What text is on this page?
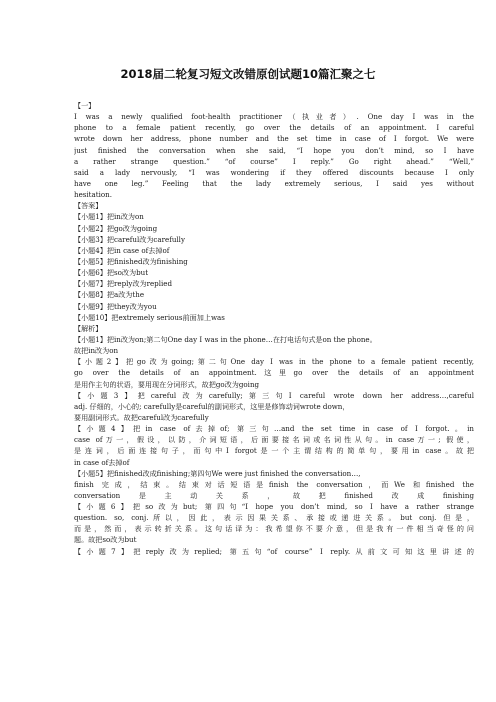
2018届二轮复习短文改错原创试题10篇汇聚之七
【一】
I was a newly qualified foot-health practitioner（执业者）. One day I was in the
phone to a female patient recently, go over the details of an appointment. I careful
wrote down her address, phone number and the set time in case of I forgot. We were
just finished the conversation when she said, “I hope you don’t mind, so I have
a rather strange question.” “of course” I reply.” Go right ahead.” “Well,”
said a lady nervously, “I was wondering if they offered discounts because I only
have one leg.” Feeling that the lady extremely serious, I said yes without
hesitation.
【答案】
【小题1】把in改为on
【小题2】把go改为going
【小题3】把careful改为carefully
【小题4】把in case of去掉of
【小题5】把finished改为finishing
【小题6】把so改为but
【小题7】把reply改为replied
【小题8】把a改为the
【小题9】把they改为you
【小题10】把extremely serious前面加上was
【解析】
【小题1】把in改为on;第二句One day I was in the phone…在打电话句式是on the phone。
故把in改为on
【小题2】把go改为going;第二句One day I was in the phone to a female patient recently,
go over the details of an appointment.这里go over the details of an appointment
是用作主句的状语，要用现在分词形式，故把go改为going
【小题3】把careful改为carefully;第三句I careful wrote down her address…,careful
adj. 仔细的，小心的; carefully是careful的副词形式，这里是修饰动词wrote down，
要用副词形式。故把careful改为carefully
【小题4】把in case of去掉of; 第三句…and the set time in case of I forgot.。in
case of万一，假设，以防，介词短语，后面要接名词或名词性从句。in case万一; 假使，
是连词，后面连接句子，而句中I forgot是一个主谓结构的简单句，要用in case。故把
in case of去掉of
【小题5】把finished改成finishing;第四句We were just finished the conversation…,
finish 完成，结束。结束对话短语是finish the conversation，而We 和finished the
conversation是主动关系，故把finished改成finishing
【小题6】把so改为but; 第四句“I hope you don’t mind, so I have a rather strange
question. so, conj.所以，因此，表示因果关系、承接或递进关系。but conj. 但是，
而是，然而，表示转折关系。这句话译为：我希望你不要介意，但是我有一件相当奇怪的问
题。故把so改为but
【小题7】把reply改为replied; 第五句“of course” I reply.从前文可知这里讲述的
